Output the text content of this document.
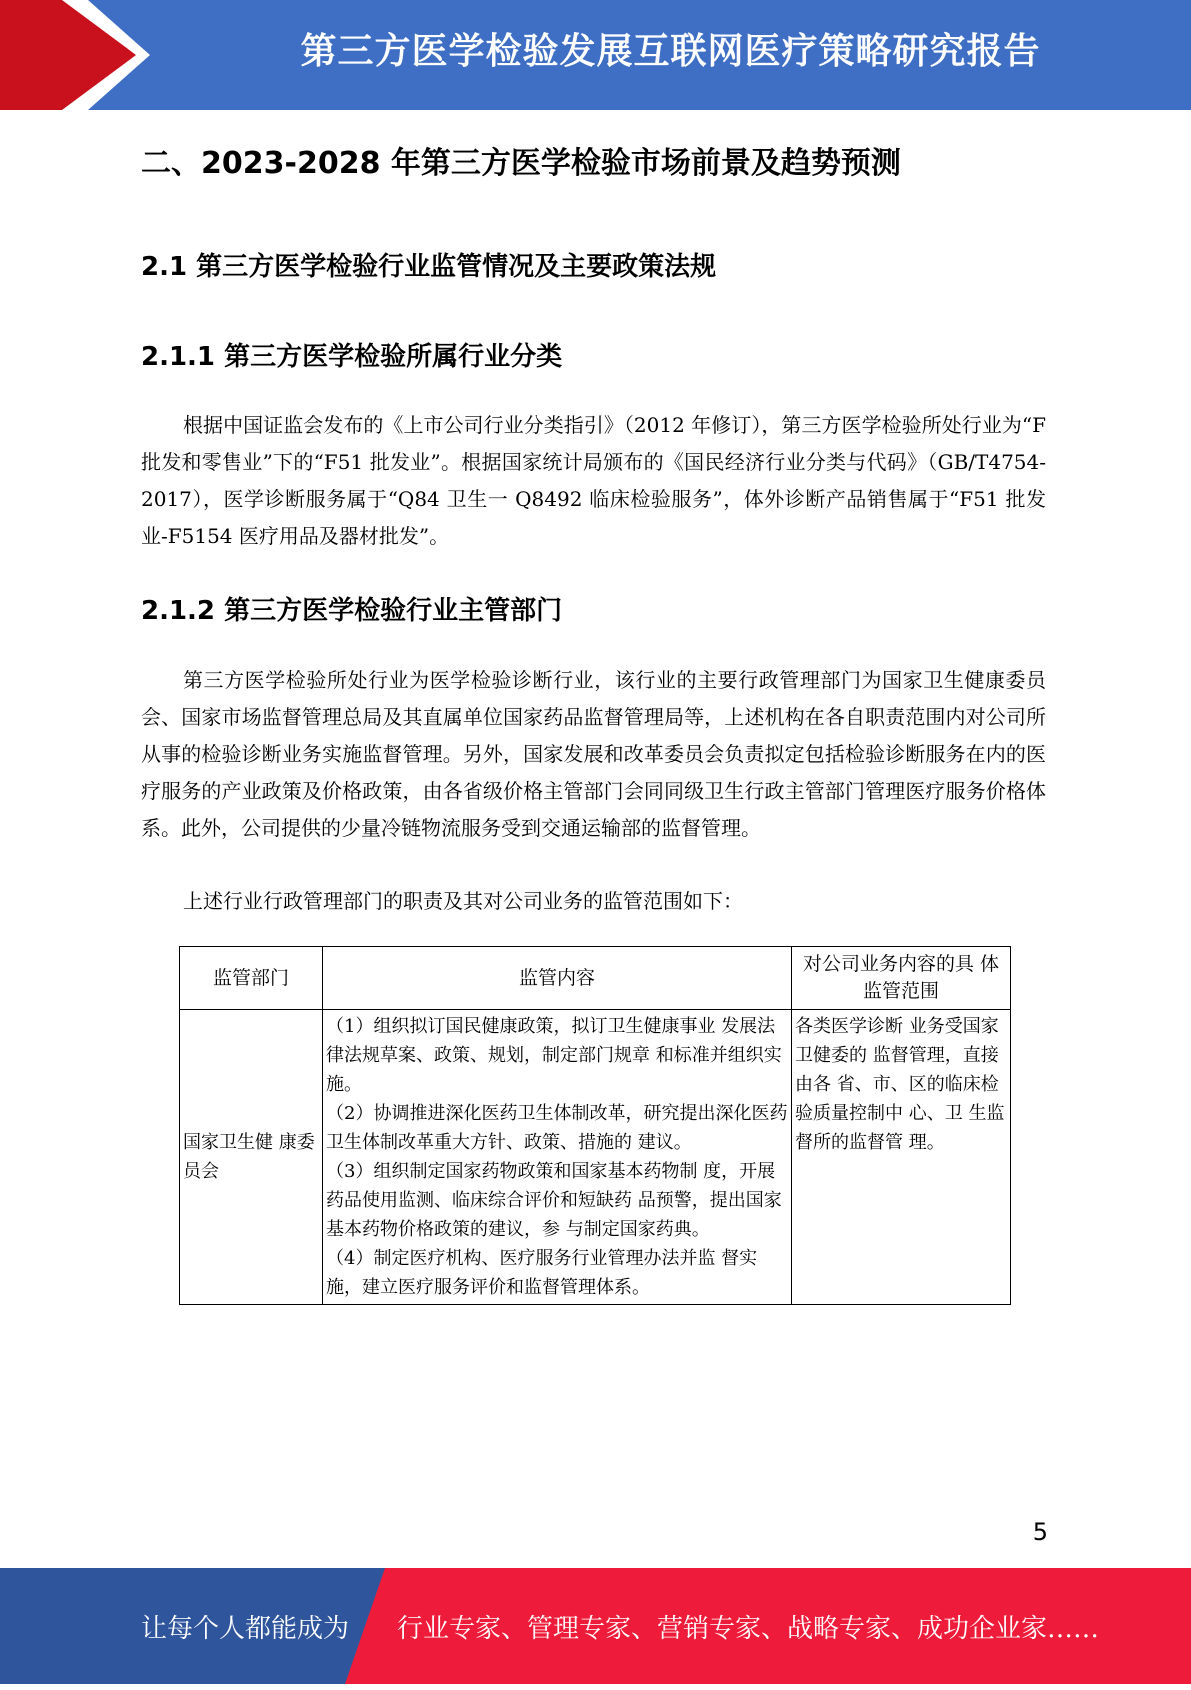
第三方医学检验发展互联网医疗策略研究报告
二、2023-2028 年第三方医学检验市场前景及趋势预测
2.1 第三方医学检验行业监管情况及主要政策法规
2.1.1 第三方医学检验所属行业分类

根据中国证监会发布的《上市公司行业分类指引》（2012 年修订），第三方医学检验所处行业为“F 批发和零售业”下的“F51 批发业”。根据国家统计局颁布的《国民经济行业分类与代码》（GB/T4754-2017），医学诊断服务属于“Q84 卫生一 Q8492 临床检验服务”，体外诊断产品销售属于“F51 批发业-F5154 医疗用品及器材批发”。

2.1.2 第三方医学检验行业主管部门

第三方医学检验所处行业为医学检验诊断行业，该行业的主要行政管理部门为国家卫生健康委员会、国家市场监督管理总局及其直属单位国家药品监督管理局等，上述机构在各自职责范围内对公司所从事的检验诊断业务实施监督管理。另外，国家发展和改革委员会负责拟定包括检验诊断服务在内的医疗服务的产业政策及价格政策，由各省级价格主管部门会同同级卫生行政主管部门管理医疗服务价格体系。此外，公司提供的少量冷链物流服务受到交通运输部的监督管理。

上述行业行政管理部门的职责及其对公司业务的监管范围如下：

监管部门	监管内容	对公司业务内容的具 体监管范围
国家卫生健 康委员会	（1）组织拟订国民健康政策，拟订卫生健康事业 发展法律法规草案、政策、规划，制定部门规章 和标准并组织实施。

（2）协调推进深化医药卫生体制改革，研究提出深化医药卫生体制改革重大方针、政策、措施的 建议。

（3）组织制定国家药物政策和国家基本药物制 度，开展药品使用监测、临床综合评价和短缺药 品预警，提出国家基本药物价格政策的建议，参 与制定国家药典。

（4）制定医疗机构、医疗服务行业管理办法并监 督实施，建立医疗服务评价和监督管理体系。	各类医学诊断 业务受国家卫健委的 监督管理，直接由各 省、市、区的临床检验质量控制中 心、卫 生监督所的监督管 理。
5
让每个人都能成为 行业专家、管理专家、营销专家、战略专家、成功企业家……
